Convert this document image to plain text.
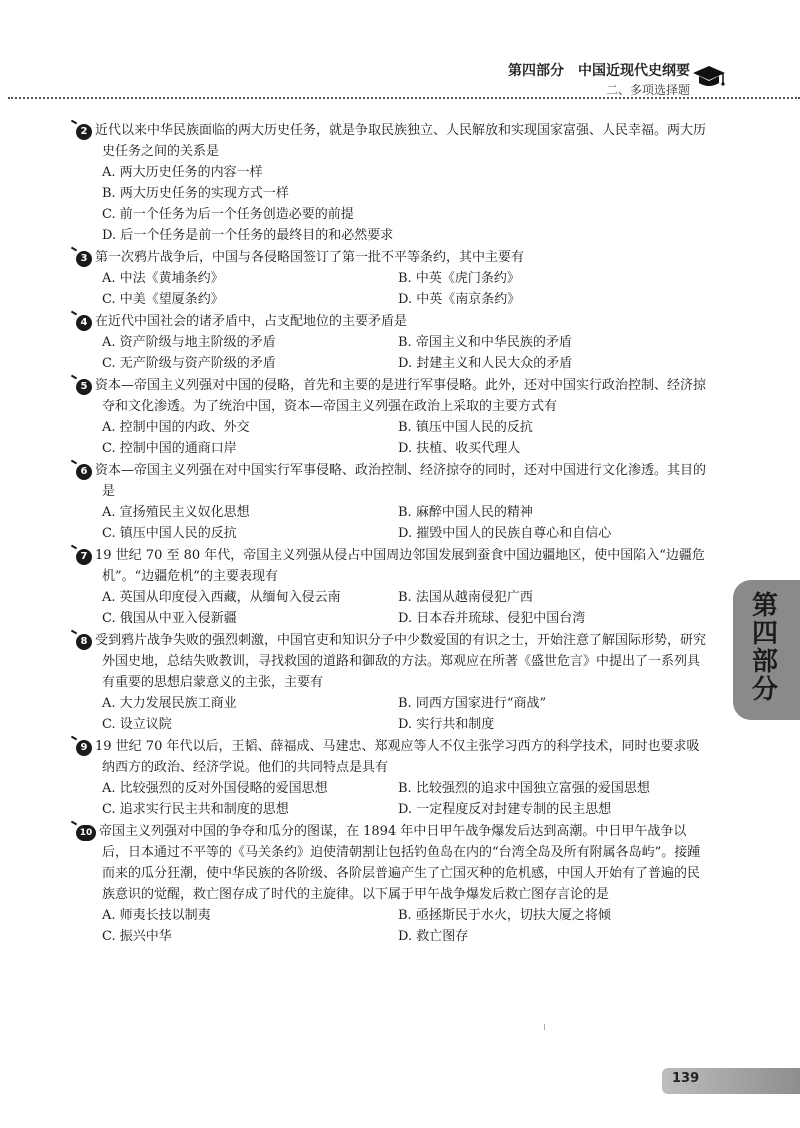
第四部分　中国近现代史纲要
二、多项选择题

2 近代以来中华民族面临的两大历史任务，就是争取民族独立、人民解放和实现国家富强、人民幸福。两大历史任务之间的关系是

A. 两大历史任务的内容一样
B. 两大历史任务的实现方式一样
C. 前一个任务为后一个任务创造必要的前提
D. 后一个任务是前一个任务的最终目的和必然要求

3 第一次鸦片战争后，中国与各侵略国签订了第一批不平等条约，其中主要有

A. 中法《黄埔条约》	B. 中英《虎门条约》
C. 中美《望厦条约》	D. 中英《南京条约》

4 在近代中国社会的诸矛盾中，占支配地位的主要矛盾是

A. 资产阶级与地主阶级的矛盾	B. 帝国主义和中华民族的矛盾
C. 无产阶级与资产阶级的矛盾	D. 封建主义和人民大众的矛盾

5 资本—帝国主义列强对中国的侵略，首先和主要的是进行军事侵略。此外，还对中国实行政治控制、经济掠夺和文化渗透。为了统治中国，资本—帝国主义列强在政治上采取的主要方式有

A. 控制中国的内政、外交	B. 镇压中国人民的反抗
C. 控制中国的通商口岸	D. 扶植、收买代理人

6 资本—帝国主义列强在对中国实行军事侵略、政治控制、经济掠夺的同时，还对中国进行文化渗透。其目的是

A. 宣扬殖民主义奴化思想	B. 麻醉中国人民的精神
C. 镇压中国人民的反抗	D. 摧毁中国人的民族自尊心和自信心

7 19 世纪 70 至 80 年代，帝国主义列强从侵占中国周边邻国发展到蚕食中国边疆地区，使中国陷入“边疆危机”。“边疆危机”的主要表现有

A. 英国从印度侵入西藏，从缅甸入侵云南	B. 法国从越南侵犯广西
C. 俄国从中亚入侵新疆	D. 日本吞并琉球、侵犯中国台湾

8 受到鸦片战争失败的强烈刺激，中国官吏和知识分子中少数爱国的有识之士，开始注意了解国际形势，研究外国史地，总结失败教训，寻找救国的道路和御敌的方法。郑观应在所著《盛世危言》中提出了一系列具有重要的思想启蒙意义的主张，主要有

A. 大力发展民族工商业	B. 同西方国家进行“商战”
C. 设立议院	D. 实行共和制度

9 19 世纪 70 年代以后，王韬、薛福成、马建忠、郑观应等人不仅主张学习西方的科学技术，同时也要求吸纳西方的政治、经济学说。他们的共同特点是具有

A. 比较强烈的反对外国侵略的爱国思想	B. 比较强烈的追求中国独立富强的爱国思想
C. 追求实行民主共和制度的思想	D. 一定程度反对封建专制的民主思想

10 帝国主义列强对中国的争夺和瓜分的图谋，在 1894 年中日甲午战争爆发后达到高潮。中日甲午战争以后，日本通过不平等的《马关条约》迫使清朝割让包括钓鱼岛在内的“台湾全岛及所有附属各岛屿”。接踵而来的瓜分狂潮，使中华民族的各阶级、各阶层普遍产生了亡国灭种的危机感，中国人开始有了普遍的民族意识的觉醒，救亡图存成了时代的主旋律。以下属于甲午战争爆发后救亡图存言论的是

A. 师夷长技以制夷	B. 亟拯斯民于水火，切扶大厦之将倾
C. 振兴中华	D. 救亡图存
第四部分
139
